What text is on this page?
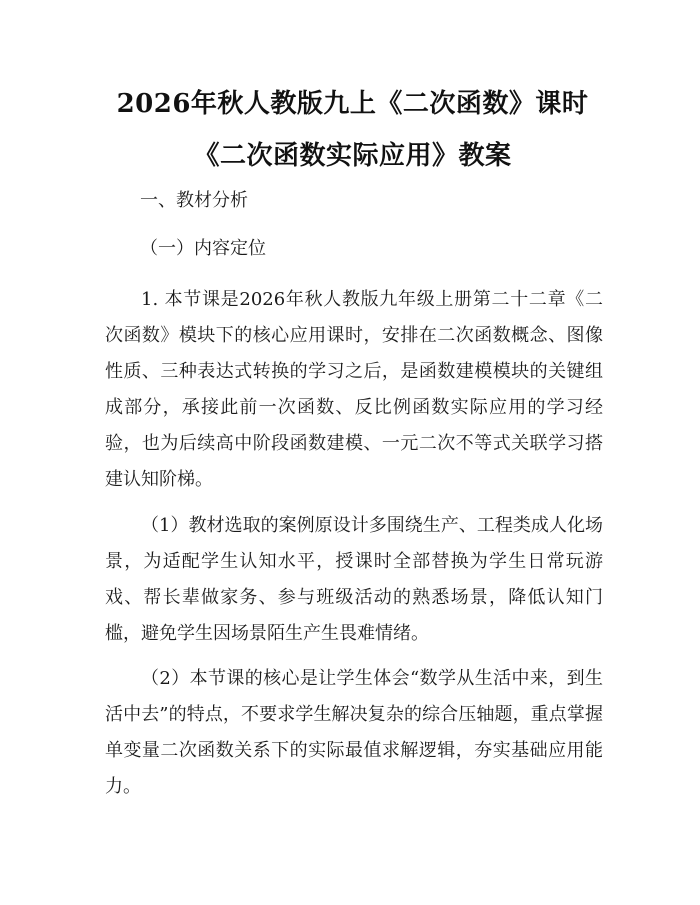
2026年秋人教版九上《二次函数》课时《二次函数实际应用》教案

一、教材分析

（一）内容定位

1. 本节课是2026年秋人教版九年级上册第二十二章《二次函数》模块下的核心应用课时，安排在二次函数概念、图像性质、三种表达式转换的学习之后，是函数建模模块的关键组成部分，承接此前一次函数、反比例函数实际应用的学习经验，也为后续高中阶段函数建模、一元二次不等式关联学习搭建认知阶梯。

（1）教材选取的案例原设计多围绕生产、工程类成人化场景，为适配学生认知水平，授课时全部替换为学生日常玩游戏、帮长辈做家务、参与班级活动的熟悉场景，降低认知门槛，避免学生因场景陌生产生畏难情绪。

（2）本节课的核心是让学生体会“数学从生活中来，到生活中去”的特点，不要求学生解决复杂的综合压轴题，重点掌握单变量二次函数关系下的实际最值求解逻辑，夯实基础应用能力。
